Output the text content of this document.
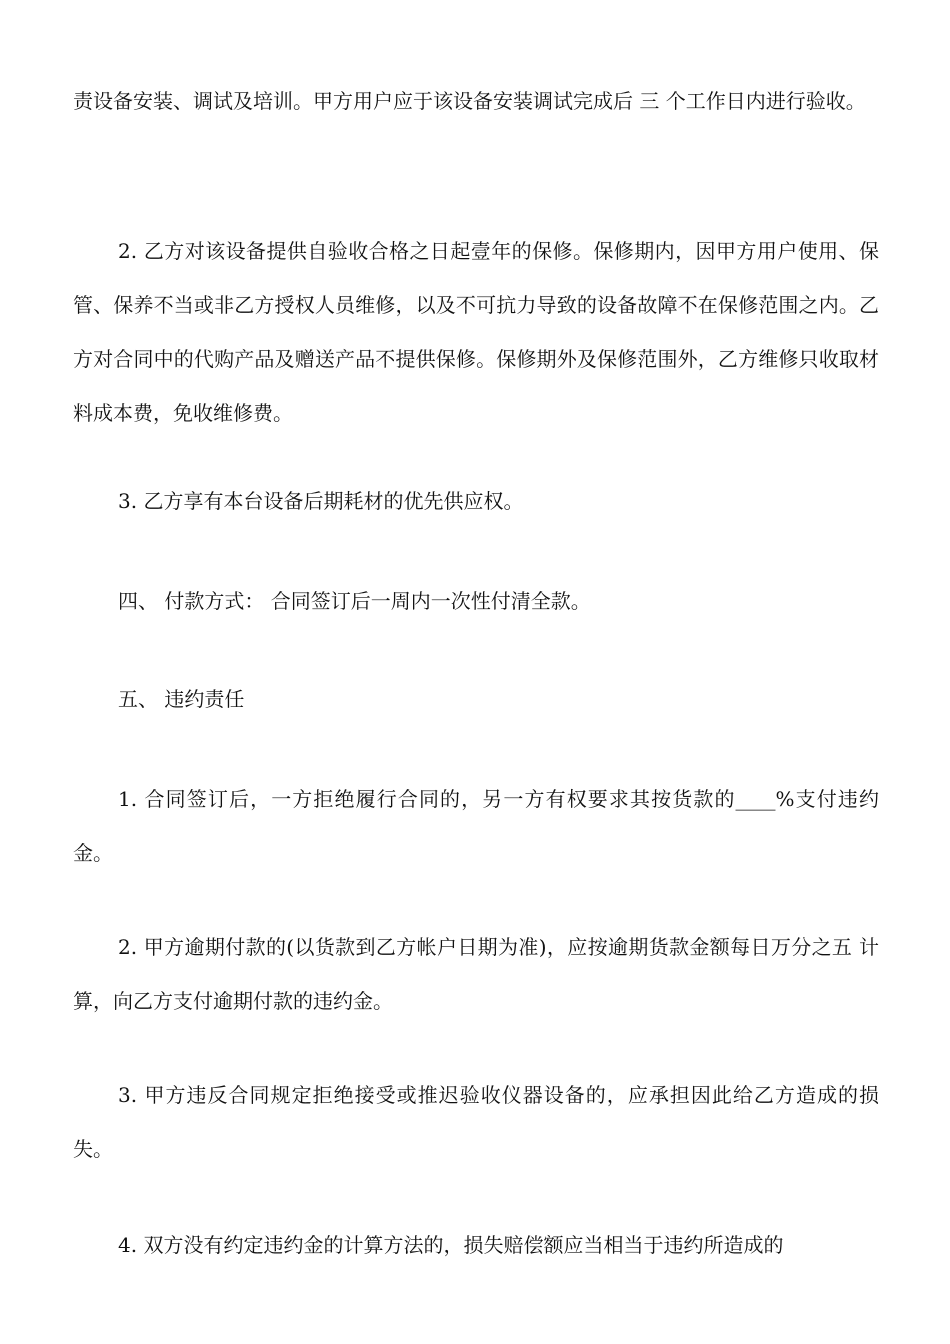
责设备安装、调试及培训。甲方用户应于该设备安装调试完成后 三 个工作日内进行验收。

2. 乙方对该设备提供自验收合格之日起壹年的保修。保修期内，因甲方用户使用、保管、保养不当或非乙方授权人员维修，以及不可抗力导致的设备故障不在保修范围之内。乙方对合同中的代购产品及赠送产品不提供保修。保修期外及保修范围外，乙方维修只收取材料成本费，免收维修费。

3. 乙方享有本台设备后期耗材的优先供应权。

四、 付款方式： 合同签订后一周内一次性付清全款。

五、 违约责任

1. 合同签订后，一方拒绝履行合同的，另一方有权要求其按货款的____%支付违约金。

2. 甲方逾期付款的(以货款到乙方帐户日期为准)，应按逾期货款金额每日万分之五 计算，向乙方支付逾期付款的违约金。

3. 甲方违反合同规定拒绝接受或推迟验收仪器设备的，应承担因此给乙方造成的损失。

4. 双方没有约定违约金的计算方法的，损失赔偿额应当相当于违约所造成的
